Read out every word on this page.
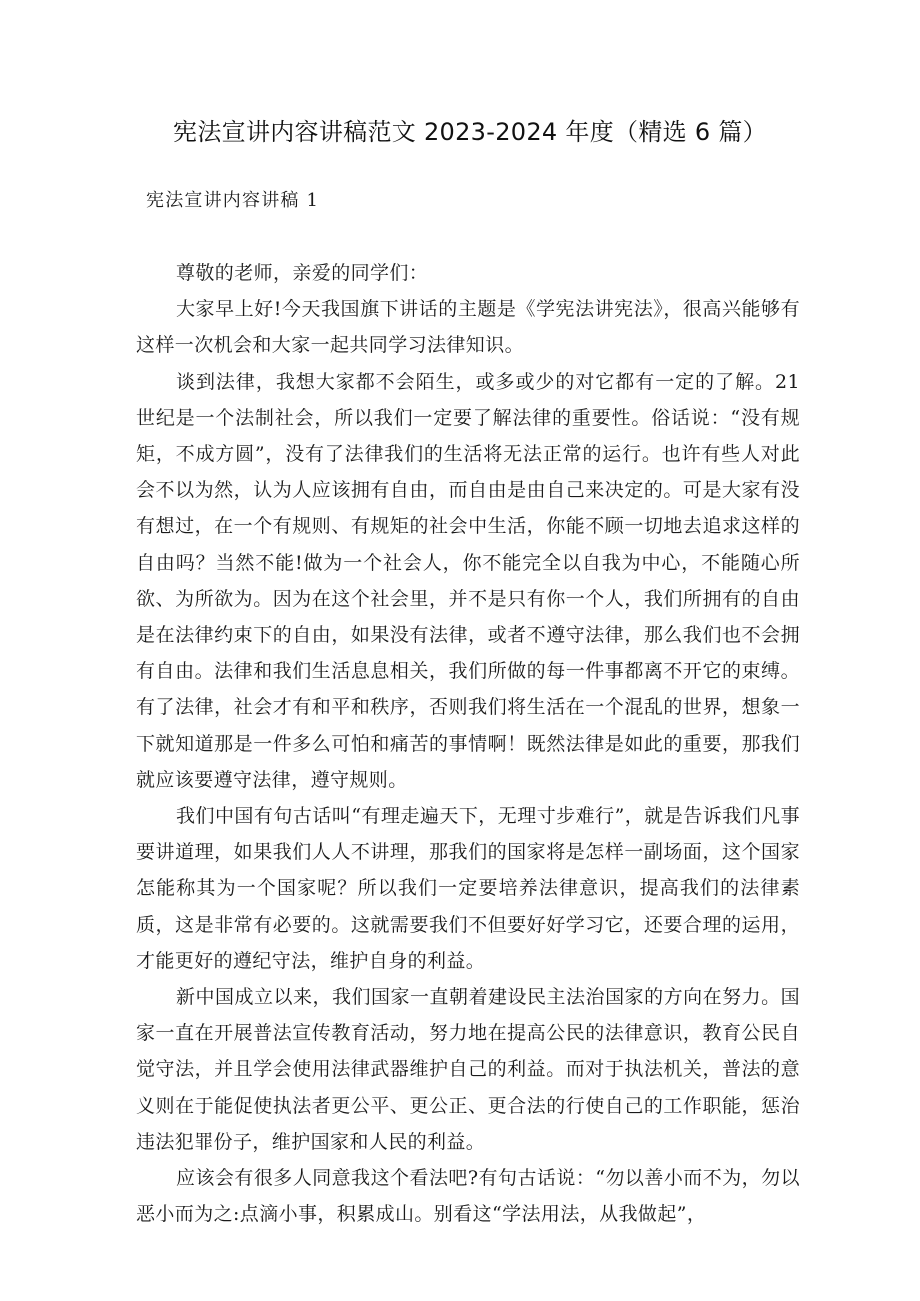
宪法宣讲内容讲稿范文 2023-2024 年度（精选 6 篇）
宪法宣讲内容讲稿 1

尊敬的老师，亲爱的同学们：

大家早上好!今天我国旗下讲话的主题是《学宪法讲宪法》，很高兴能够有这样一次机会和大家一起共同学习法律知识。

谈到法律，我想大家都不会陌生，或多或少的对它都有一定的了解。21世纪是一个法制社会，所以我们一定要了解法律的重要性。俗话说：“没有规矩，不成方圆”，没有了法律我们的生活将无法正常的运行。也许有些人对此会不以为然，认为人应该拥有自由，而自由是由自己来决定的。可是大家有没有想过，在一个有规则、有规矩的社会中生活，你能不顾一切地去追求这样的自由吗？当然不能!做为一个社会人，你不能完全以自我为中心，不能随心所欲、为所欲为。因为在这个社会里，并不是只有你一个人，我们所拥有的自由是在法律约束下的自由，如果没有法律，或者不遵守法律，那么我们也不会拥有自由。法律和我们生活息息相关，我们所做的每一件事都离不开它的束缚。有了法律，社会才有和平和秩序，否则我们将生活在一个混乱的世界，想象一下就知道那是一件多么可怕和痛苦的事情啊！既然法律是如此的重要，那我们就应该要遵守法律，遵守规则。

我们中国有句古话叫“有理走遍天下，无理寸步难行”，就是告诉我们凡事要讲道理，如果我们人人不讲理，那我们的国家将是怎样一副场面，这个国家怎能称其为一个国家呢？所以我们一定要培养法律意识，提高我们的法律素质，这是非常有必要的。这就需要我们不但要好好学习它，还要合理的运用，才能更好的遵纪守法，维护自身的利益。

新中国成立以来，我们国家一直朝着建设民主法治国家的方向在努力。国家一直在开展普法宣传教育活动，努力地在提高公民的法律意识，教育公民自觉守法，并且学会使用法律武器维护自己的利益。而对于执法机关，普法的意义则在于能促使执法者更公平、更公正、更合法的行使自己的工作职能，惩治违法犯罪份子，维护国家和人民的利益。

应该会有很多人同意我这个看法吧?有句古话说：“勿以善小而不为，勿以恶小而为之:点滴小事，积累成山。别看这“学法用法，从我做起”，
